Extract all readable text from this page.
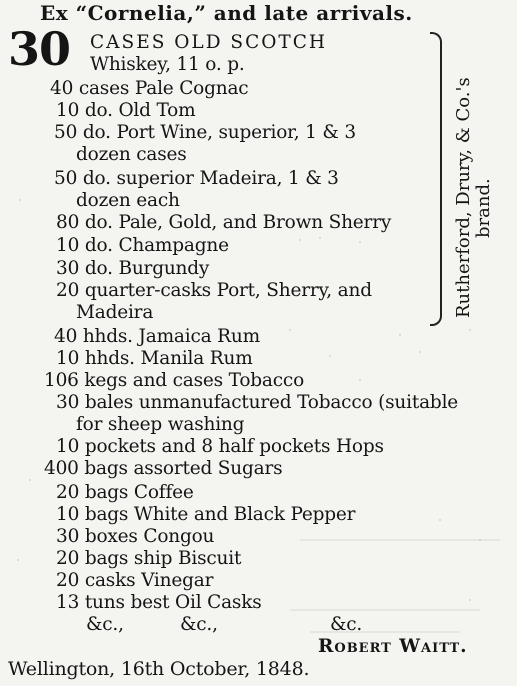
Ex “Cornelia,” and late arrivals.
30 CASES OLD SCOTCH
Whiskey, 11 o. p.
40 cases Pale Cognac
10 do. Old Tom
50 do. Port Wine, superior, 1 & 3
dozen cases
50 do. superior Madeira, 1 & 3
dozen each
80 do. Pale, Gold, and Brown Sherry
10 do. Champagne
30 do. Burgundy
20 quarter-casks Port, Sherry, and
Madeira	Rutherford, Drury, & Co.'s brand.
40 hhds. Jamaica Rum
10 hhds. Manila Rum
106 kegs and cases Tobacco
30 bales unmanufactured Tobacco (suitable
for sheep washing
10 pockets and 8 half pockets Hops
400 bags assorted Sugars
20 bags Coffee
10 bags White and Black Pepper
30 boxes Congou
20 bags ship Biscuit
20 casks Vinegar
13 tuns best Oil Casks
&c.,	&c.,	&c.
Robert Waitt.
Wellington, 16th October, 1848.
